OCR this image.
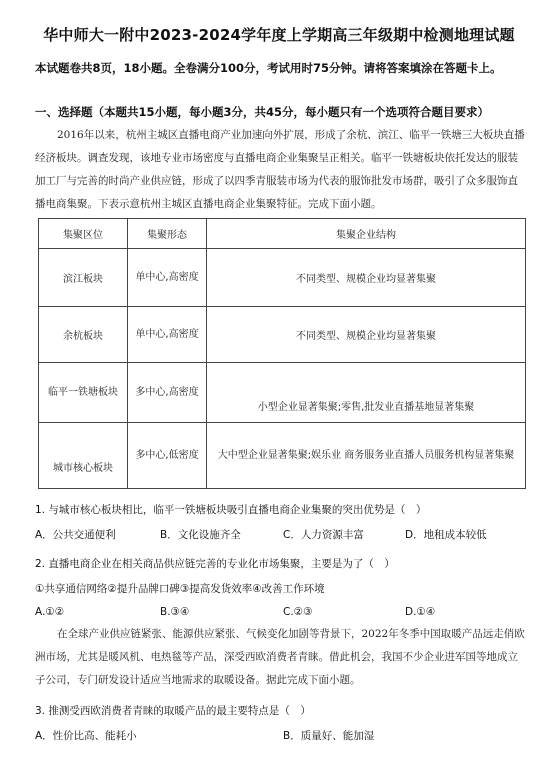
华中师大一附中2023-2024学年度上学期高三年级期中检测地理试题
本试题卷共8页，18小题。全卷满分100分，考试用时75分钟。请将答案填涂在答题卡上。
一、选择题（本题共15小题，每小题3分，共45分，每小题只有一个选项符合题目要求）
2016年以来，杭州主城区直播电商产业加速向外扩展，形成了余杭、滨江、临平一铁塘三大板块直播经济板块。调查发现，该地专业市场密度与直播电商企业集聚呈正相关。临平一铁塘板块依托发达的服装加工厂与完善的时尚产业供应链，形成了以四季青服装市场为代表的服饰批发市场群，吸引了众多服饰直播电商集聚。下表示意杭州主城区直播电商企业集聚特征。完成下面小题。
集聚区位	集聚形态	集聚企业结构
滨江板块	单中心,高密度	不同类型、规模企业均显著集聚
余杭板块	单中心,高密度	不同类型、规模企业均显著集聚
临平一铁塘板块	多中心,高密度	小型企业显著集聚;零售,批发业直播基地显著集聚
城市核心板块	多中心,低密度	大中型企业显著集聚;娱乐业 商务服务业直播人员服务机构显著集聚
1. 与城市核心板块相比，临平一铁塘板块吸引直播电商企业集聚的突出优势是（　）
A．公共交通便利	B．文化设施齐全	C．人力资源丰富	D．地租成本较低
2. 直播电商企业在相关商品供应链完善的专业化市场集聚，主要是为了（　）
①共享通信网络②提升品牌口碑③提高发货效率④改善工作环境
A.①②	B.③④	C.②③	D.①④
在全球产业供应链紧张、能源供应紧张、气候变化加剧等背景下，2022年冬季中国取暖产品远走俏欧洲市场，尤其是暖风机、电热毯等产品，深受西欧消费者青睐。借此机会，我国不少企业进军国等地成立子公司，专门研发设计适应当地需求的取暖设备。据此完成下面小题。
3. 推测受西欧消费者青睐的取暖产品的最主要特点是（　）
A．性价比高、能耗小	B．质量好、能加湿
